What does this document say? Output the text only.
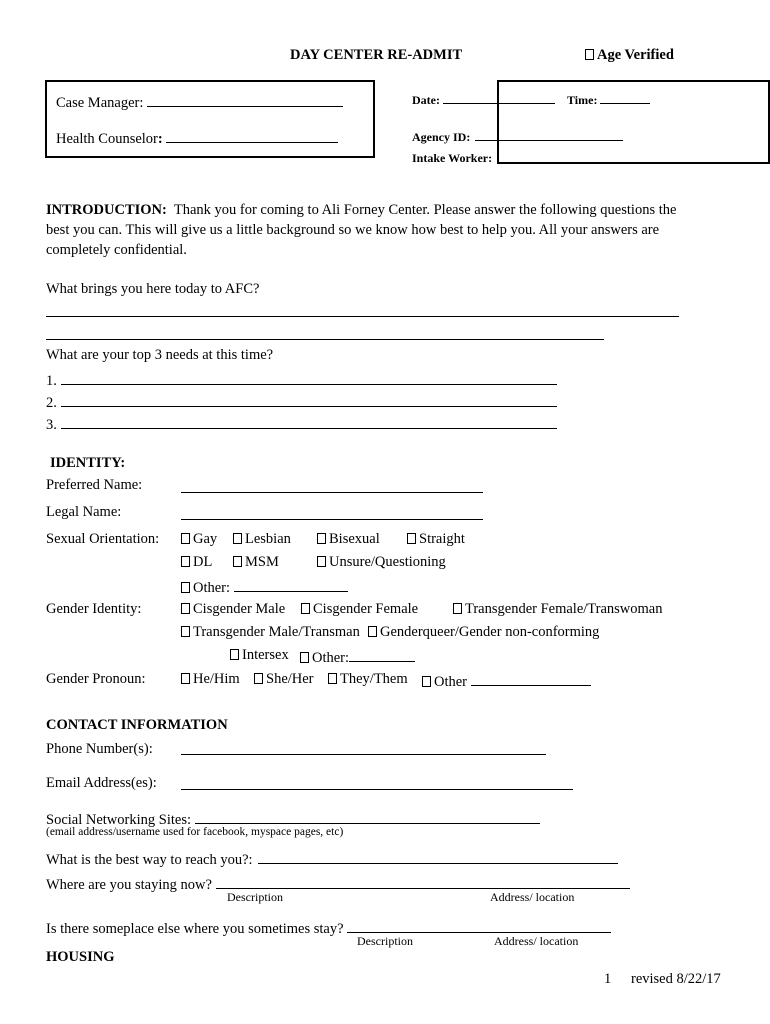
DAY CENTER RE-ADMIT	Age Verified
Case Manager:
Health Counselor:
Date:	Time:
Agency ID:
Intake Worker:
INTRODUCTION: Thank you for coming to Ali Forney Center. Please answer the following questions the best you can. This will give us a little background so we know how best to help you. All your answers are completely confidential.
What brings you here today to AFC?
What are your top 3 needs at this time?
1.
2.
3.
IDENTITY:
Preferred Name:
Legal Name:
Sexual Orientation:	Gay	Lesbian	Bisexual	Straight
DL	MSM	Unsure/Questioning
Other:
Gender Identity:	Cisgender Male	Cisgender Female	Transgender Female/Transwoman
Transgender Male/Transman	Genderqueer/Gender non-conforming
Intersex	Other:
Gender Pronoun:	He/Him	She/Her	They/Them	Other
CONTACT INFORMATION
Phone Number(s):
Email Address(es):
Social Networking Sites:
(email address/username used for facebook, myspace pages, etc)
What is the best way to reach you?:
Where are you staying now?
Description	Address/ location
Is there someplace else where you sometimes stay?
Description	Address/ location
HOUSING
1 revised 8/22/17
